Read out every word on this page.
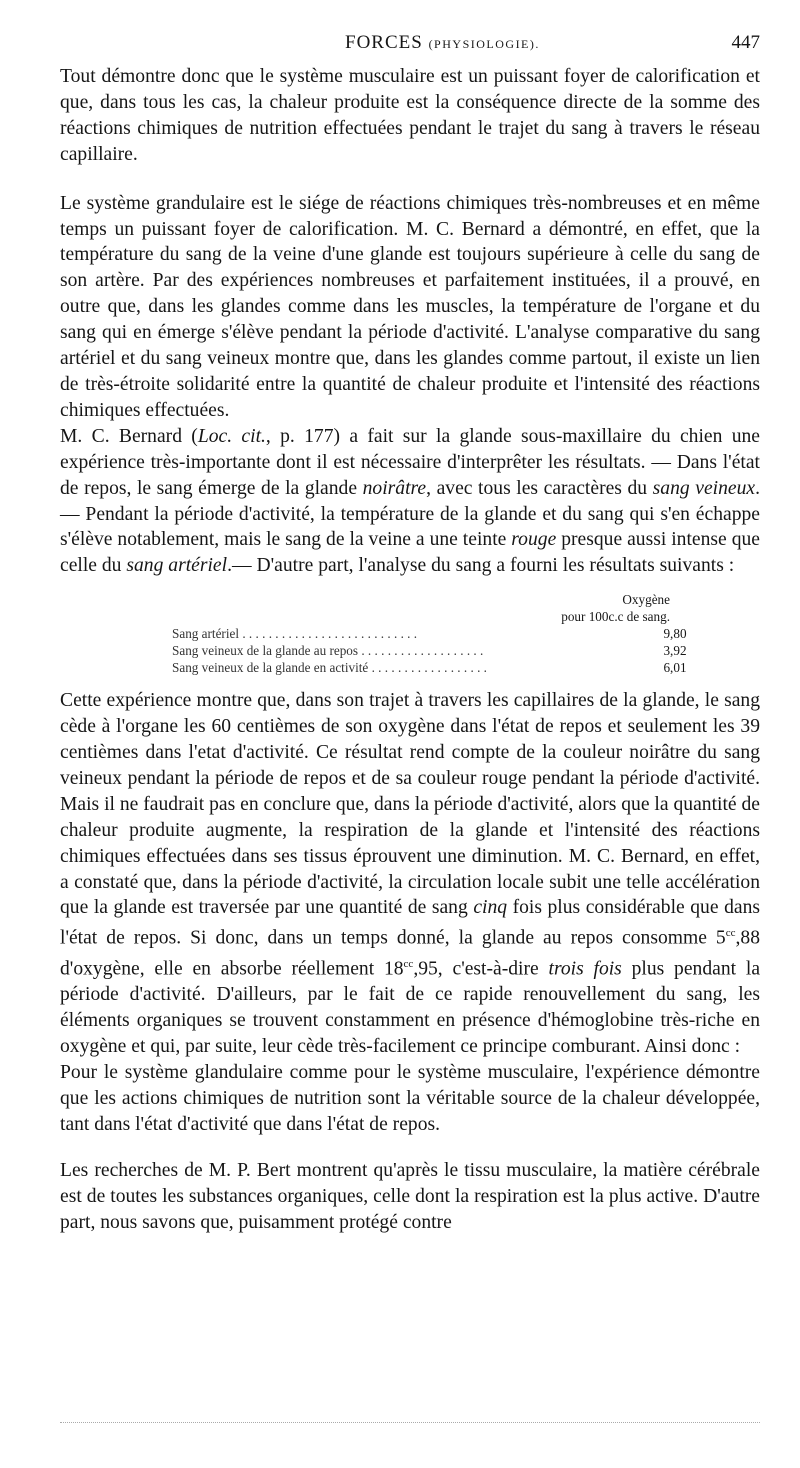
FORCES (PHYSIOLOGIE).	447

Tout démontre donc que le système musculaire est un puissant foyer de calorification et que, dans tous les cas, la chaleur produite est la conséquence directe de la somme des réactions chimiques de nutrition effectuées pendant le trajet du sang à travers le réseau capillaire.

Le système grandulaire est le siége de réactions chimiques très-nombreuses et en même temps un puissant foyer de calorification. M. C. Bernard a démontré, en effet, que la température du sang de la veine d'une glande est toujours supérieure à celle du sang de son artère. Par des expériences nombreuses et parfaitement instituées, il a prouvé, en outre que, dans les glandes comme dans les muscles, la température de l'organe et du sang qui en émerge s'élève pendant la période d'activité. L'analyse comparative du sang artériel et du sang veineux montre que, dans les glandes comme partout, il existe un lien de très-étroite solidarité entre la quantité de chaleur produite et l'intensité des réactions chimiques effectuées.

M. C. Bernard (Loc. cit., p. 177) a fait sur la glande sous-maxillaire du chien une expérience très-importante dont il est nécessaire d'interprêter les résultats. — Dans l'état de repos, le sang émerge de la glande noirâtre, avec tous les caractères du sang veineux. — Pendant la période d'activité, la température de la glande et du sang qui s'en échappe s'élève notablement, mais le sang de la veine a une teinte rouge presque aussi intense que celle du sang artériel.— D'autre part, l'analyse du sang a fourni les résultats suivants :

Oxygène
pour 100c.c de sang.
Sang artériel . . . . . . . . . . . . . . . . . . . . . . . . . . .	9,80
Sang veineux de la glande au repos . . . . . . . . . . . . . . . . . . .	3,92
Sang veineux de la glande en activité . . . . . . . . . . . . . . . . . .	6,01

Cette expérience montre que, dans son trajet à travers les capillaires de la glande, le sang cède à l'organe les 60 centièmes de son oxygène dans l'état de repos et seulement les 39 centièmes dans l'etat d'activité. Ce résultat rend compte de la couleur noirâtre du sang veineux pendant la période de repos et de sa couleur rouge pendant la période d'activité. Mais il ne faudrait pas en conclure que, dans la période d'activité, alors que la quantité de chaleur produite augmente, la respiration de la glande et l'intensité des réactions chimiques effectuées dans ses tissus éprouvent une diminution. M. C. Bernard, en effet, a constaté que, dans la période d'activité, la circulation locale subit une telle accélération que la glande est traversée par une quantité de sang cinq fois plus considérable que dans l'état de repos. Si donc, dans un temps donné, la glande au repos consomme $5^{cc},88$ d'oxygène, elle en absorbe réellement $18^{cc},95$, c'est-à-dire trois fois plus pendant la période d'activité. D'ailleurs, par le fait de ce rapide renouvellement du sang, les éléments organiques se trouvent constamment en présence d'hémoglobine très-riche en oxygène et qui, par suite, leur cède très-facilement ce principe comburant. Ainsi donc :

Pour le système glandulaire comme pour le système musculaire, l'expérience démontre que les actions chimiques de nutrition sont la véritable source de la chaleur développée, tant dans l'état d'activité que dans l'état de repos.

Les recherches de M. P. Bert montrent qu'après le tissu musculaire, la matière cérébrale est de toutes les substances organiques, celle dont la respiration est la plus active. D'autre part, nous savons que, puisamment protégé contre
